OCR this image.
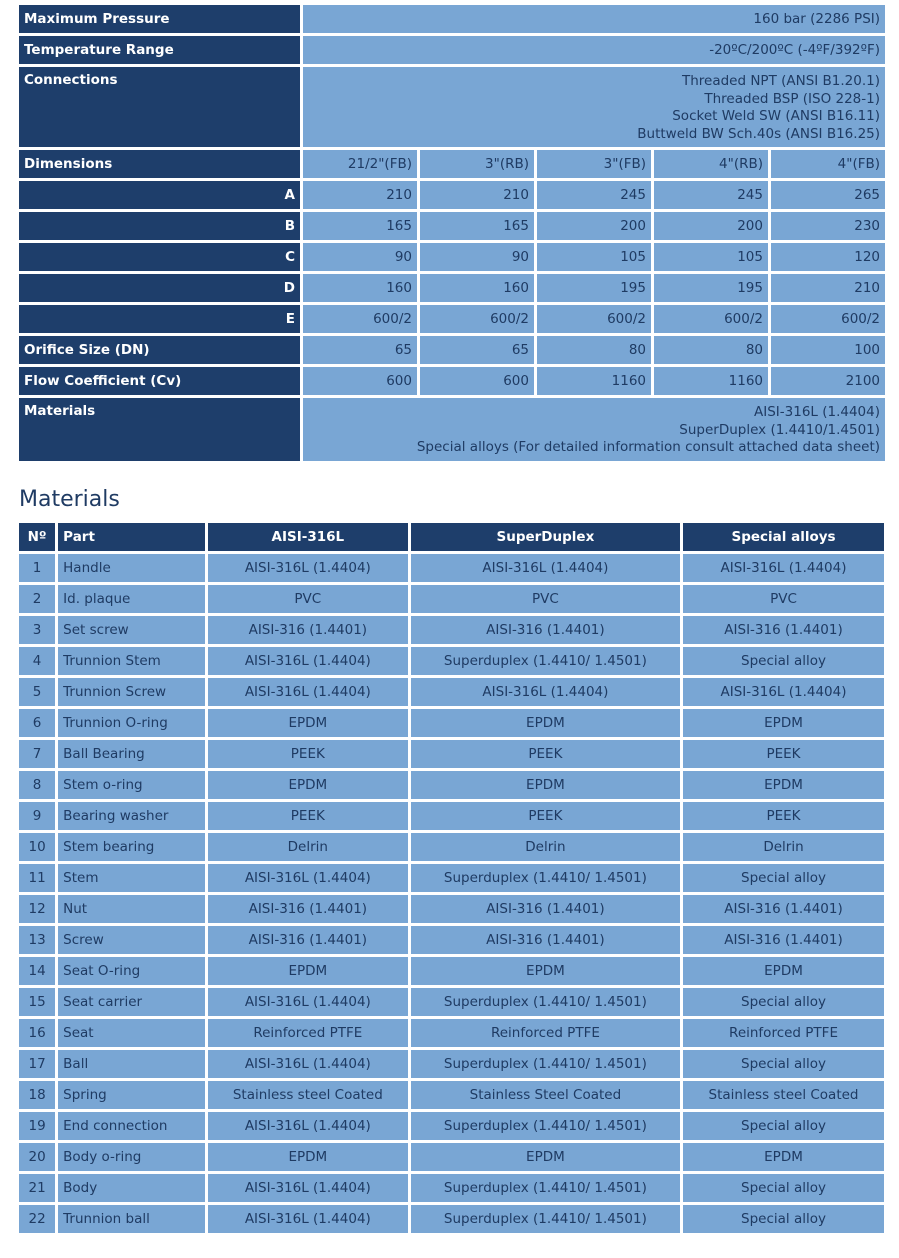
Maximum Pressure	160 bar (2286 PSI)				
Temperature Range	-20ºC/200ºC (-4ºF/392ºF)				
Connections	Threaded NPT (ANSI B1.20.1)
Threaded BSP (ISO 228-1)
Socket Weld SW (ANSI B16.11)
Buttweld BW Sch.40s (ANSI B16.25)				

Dimensions	21/2"(FB)	3"(RB)	3"(FB)	4"(RB)	4"(FB)
A	210	210	245	245	265
B	165	165	200	200	230
C	90	90	105	105	120
D	160	160	195	195	210
E	600/2	600/2	600/2	600/2	600/2
Orifice Size (DN)	65	65	80	80	100
Flow Coefficient (Cv)	600	600	1160	1160	2100
Materials	AISI-316L (1.4404)
SuperDuplex (1.4410/1.4501)
Special alloys (For detailed information consult attached data sheet)				
Materials
Nº	Part	AISI-316L	SuperDuplex	Special alloys
1	Handle	AISI-316L (1.4404)	AISI-316L (1.4404)	AISI-316L (1.4404)
2	Id. plaque	PVC	PVC	PVC
3	Set screw	AISI-316 (1.4401)	AISI-316 (1.4401)	AISI-316 (1.4401)
4	Trunnion Stem	AISI-316L (1.4404)	Superduplex (1.4410/ 1.4501)	Special alloy
5	Trunnion Screw	AISI-316L (1.4404)	AISI-316L (1.4404)	AISI-316L (1.4404)
6	Trunnion O-ring	EPDM	EPDM	EPDM
7	Ball Bearing	PEEK	PEEK	PEEK
8	Stem o-ring	EPDM	EPDM	EPDM
9	Bearing washer	PEEK	PEEK	PEEK
10	Stem bearing	Delrin	Delrin	Delrin
11	Stem	AISI-316L (1.4404)	Superduplex (1.4410/ 1.4501)	Special alloy
12	Nut	AISI-316 (1.4401)	AISI-316 (1.4401)	AISI-316 (1.4401)
13	Screw	AISI-316 (1.4401)	AISI-316 (1.4401)	AISI-316 (1.4401)
14	Seat O-ring	EPDM	EPDM	EPDM
15	Seat carrier	AISI-316L (1.4404)	Superduplex (1.4410/ 1.4501)	Special alloy
16	Seat	Reinforced PTFE	Reinforced PTFE	Reinforced PTFE
17	Ball	AISI-316L (1.4404)	Superduplex (1.4410/ 1.4501)	Special alloy
18	Spring	Stainless steel Coated	Stainless Steel Coated	Stainless steel Coated
19	End connection	AISI-316L (1.4404)	Superduplex (1.4410/ 1.4501)	Special alloy
20	Body o-ring	EPDM	EPDM	EPDM
21	Body	AISI-316L (1.4404)	Superduplex (1.4410/ 1.4501)	Special alloy
22	Trunnion ball	AISI-316L (1.4404)	Superduplex (1.4410/ 1.4501)	Special alloy
